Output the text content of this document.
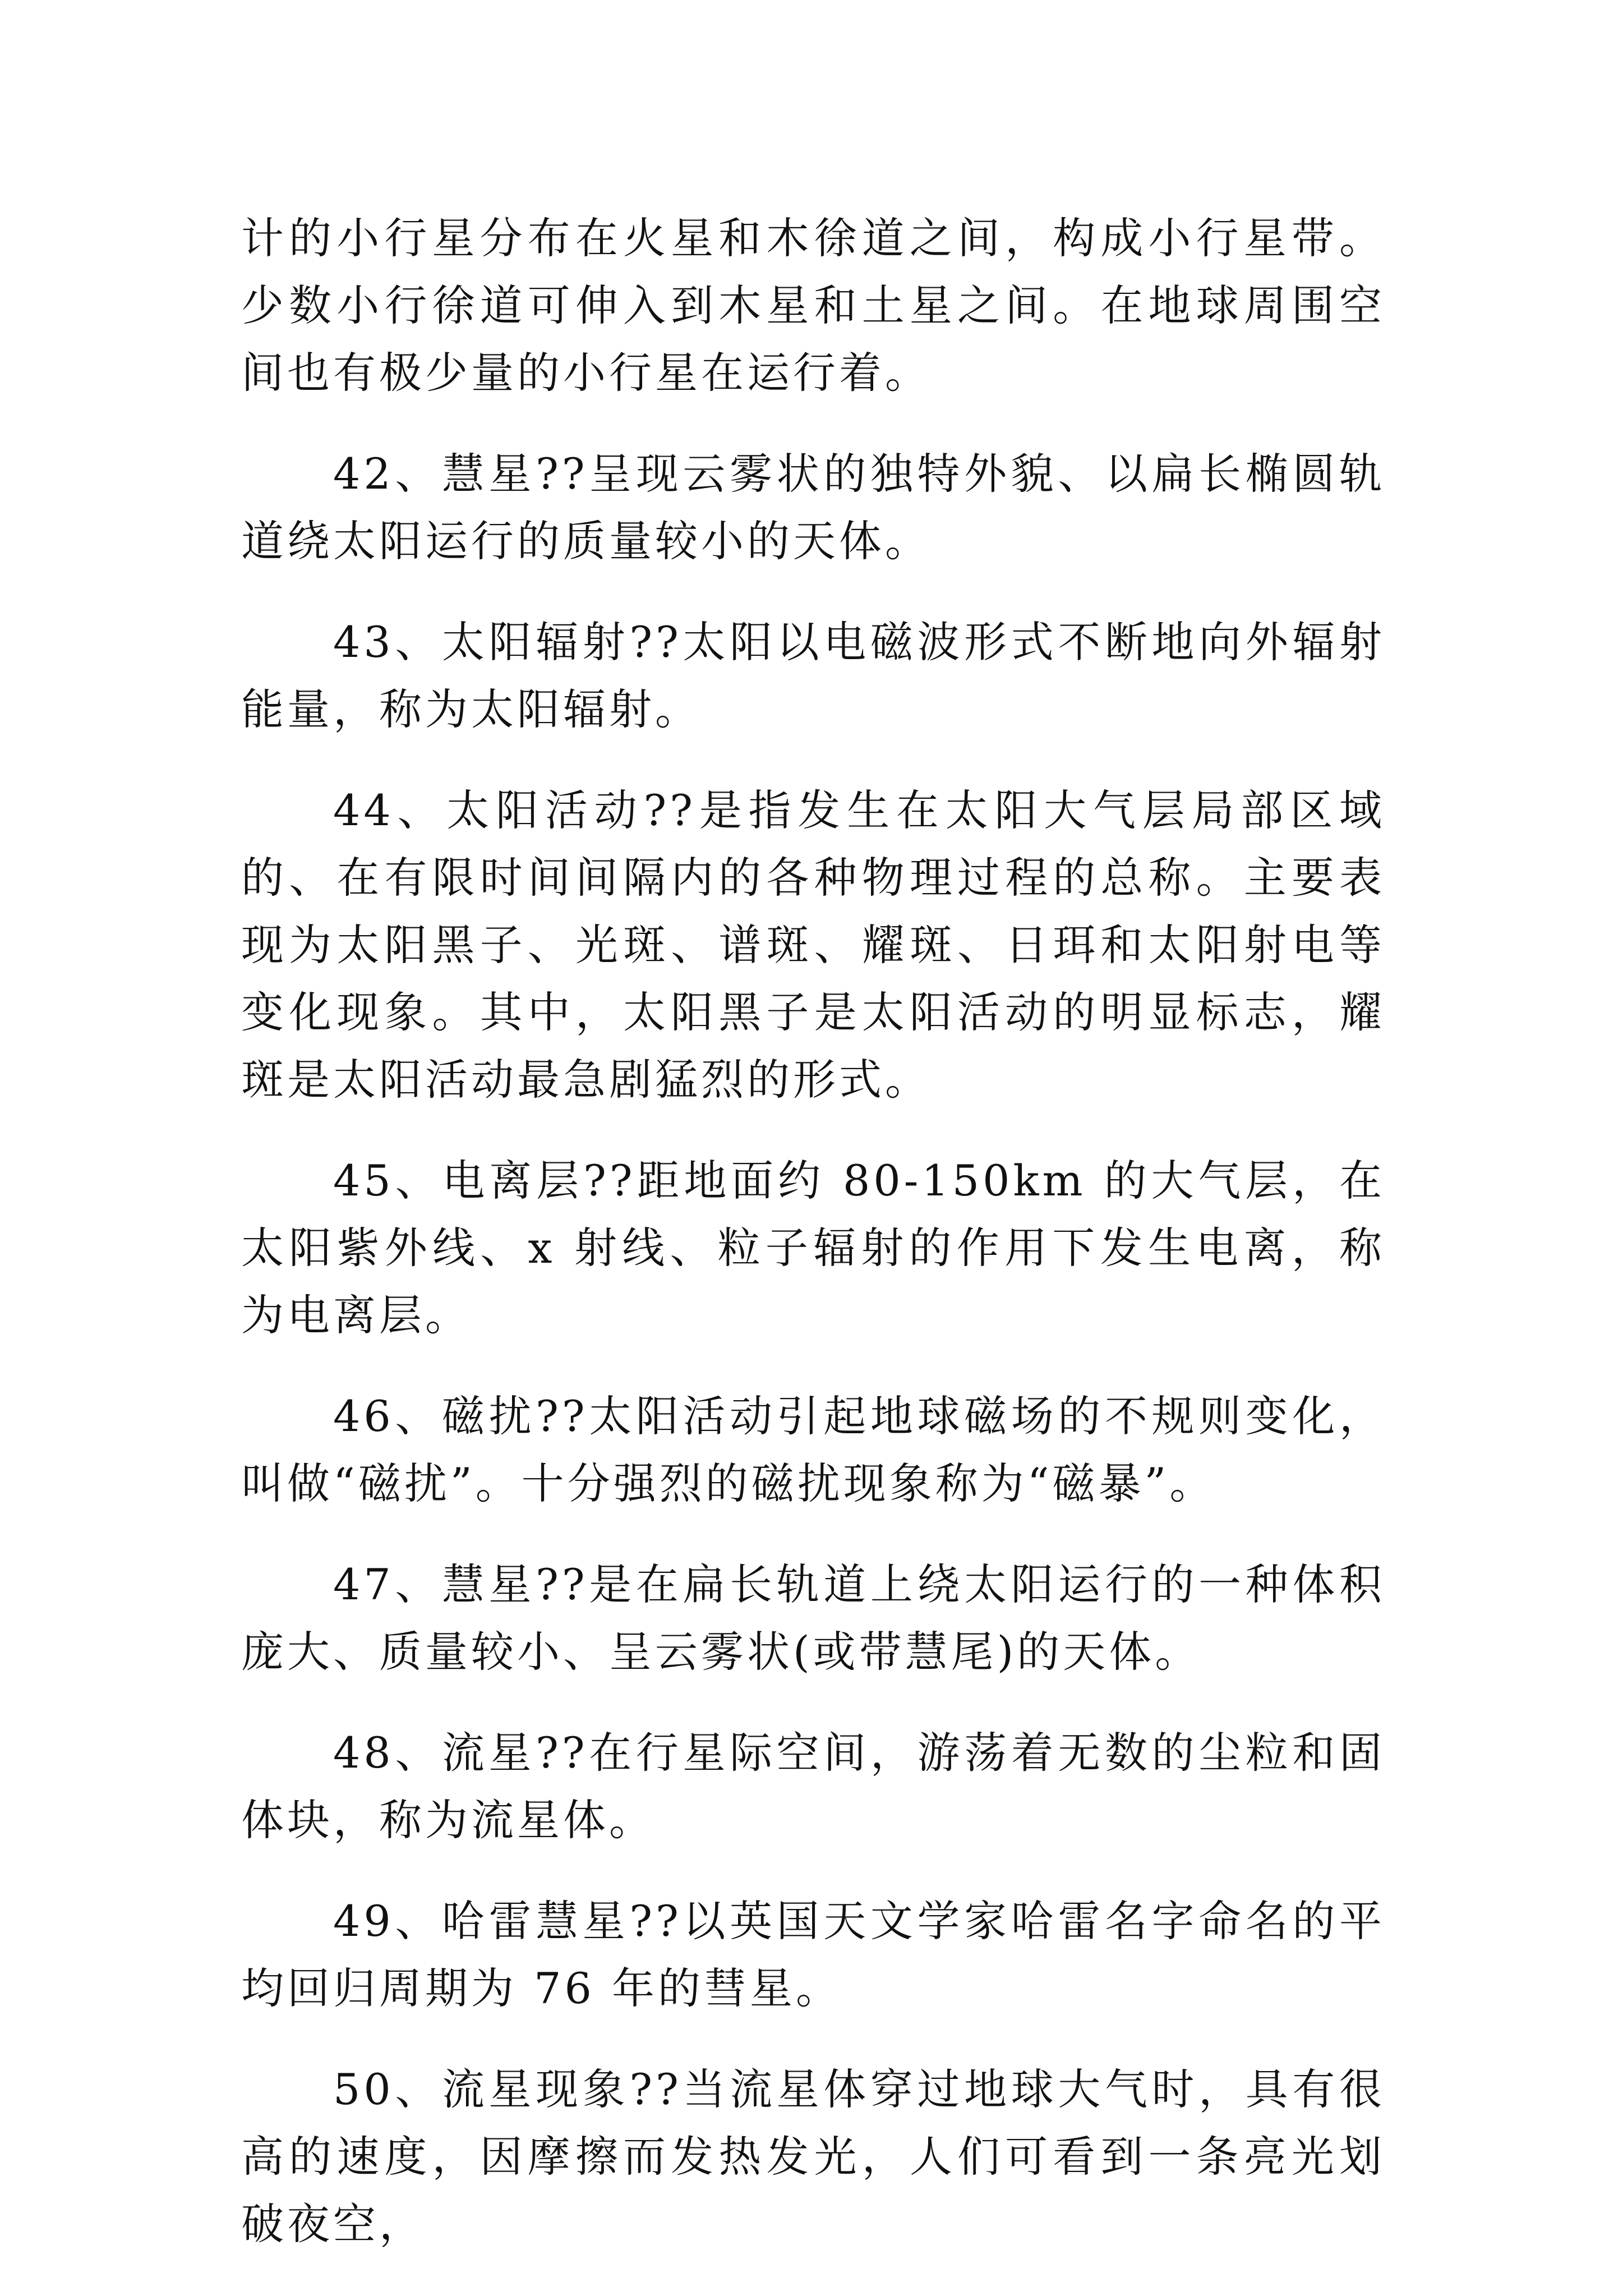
计的小行星分布在火星和木徐道之间，构成小行星带。少数小行徐道可伸入到木星和土星之间。在地球周围空间也有极少量的小行星在运行着。

42、慧星??呈现云雾状的独特外貌、以扁长椭圆轨道绕太阳运行的质量较小的天体。

43、太阳辐射??太阳以电磁波形式不断地向外辐射能量，称为太阳辐射。

44、太阳活动??是指发生在太阳大气层局部区域的、在有限时间间隔内的各种物理过程的总称。主要表现为太阳黑子、光斑、谱斑、耀斑、日珥和太阳射电等变化现象。其中，太阳黑子是太阳活动的明显标志，耀斑是太阳活动最急剧猛烈的形式。

45、电离层??距地面约 80-150km 的大气层，在太阳紫外线、x 射线、粒子辐射的作用下发生电离，称为电离层。

46、磁扰??太阳活动引起地球磁场的不规则变化，叫做“磁扰”。十分强烈的磁扰现象称为“磁暴”。

47、慧星??是在扁长轨道上绕太阳运行的一种体积庞大、质量较小、呈云雾状(或带慧尾)的天体。

48、流星??在行星际空间，游荡着无数的尘粒和固体块，称为流星体。

49、哈雷慧星??以英国天文学家哈雷名字命名的平均回归周期为 76 年的彗星。

50、流星现象??当流星体穿过地球大气时，具有很高的速度，因摩擦而发热发光，人们可看到一条亮光划破夜空，
